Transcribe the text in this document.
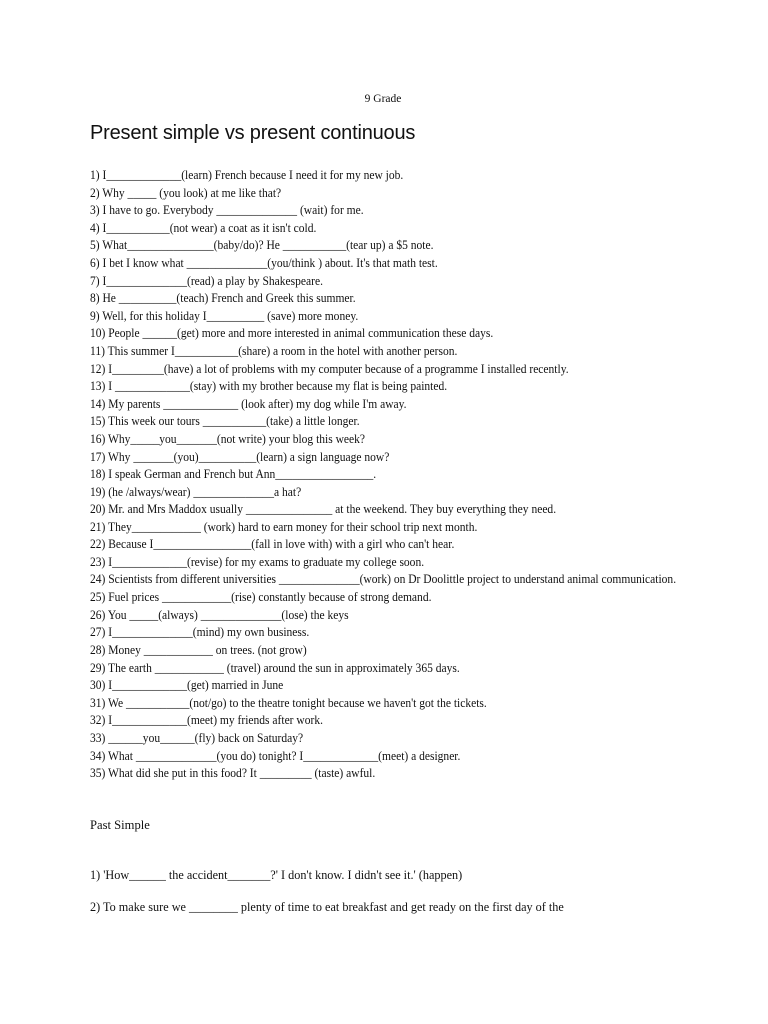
9 Grade
Present simple vs present continuous
1) I_____________(learn) French because I need it for my new job.
2) Why _____ (you look) at me like that?
3) I have to go. Everybody ______________ (wait) for me.
4) I___________(not wear) a coat as it isn't cold.
5) What_______________(baby/do)? He ___________(tear up) a $5 note.
6) I bet I know what ______________(you/think ) about. It's that math test.
7) I______________(read) a play by Shakespeare.
8) He __________(teach) French and Greek this summer.
9) Well, for this holiday I__________ (save) more money.
10) People ______(get) more and more interested in animal communication these days.
11) This summer I___________(share) a room in the hotel with another person.
12) I_________(have) a lot of problems with my computer because of a programme I installed recently.
13) I _____________(stay) with my brother because my flat is being painted.
14) My parents _____________ (look after) my dog while I'm away.
15) This week our tours ___________(take) a little longer.
16) Why_____you_______(not write) your blog this week?
17) Why _______(you)__________(learn) a sign language now?
18) I speak German and French but Ann_________________.
19) (he /always/wear) ______________a hat?
20) Mr. and Mrs Maddox usually _______________ at the weekend. They buy everything they need.
21) They____________ (work) hard to earn money for their school trip next month.
22) Because I_________________(fall in love with) with a girl who can't hear.
23) I_____________(revise) for my exams to graduate my college soon.
24) Scientists from different universities ______________(work) on Dr Doolittle project to understand animal communication.
25) Fuel prices ____________(rise) constantly because of strong demand.
26) You _____(always) ______________(lose) the keys
27) I______________(mind) my own business.
28) Money ____________ on trees. (not grow)
29) The earth ____________ (travel) around the sun in approximately 365 days.
30) I_____________(get) married in June
31) We ___________(not/go) to the theatre tonight because we haven't got the tickets.
32) I_____________(meet) my friends after work.
33) ______you______(fly) back on Saturday?
34) What ______________(you do) tonight? I_____________(meet) a designer.
35) What did she put in this food? It _________ (taste) awful.
Past Simple
1) 'How______ the accident_______?' I don't know. I didn't see it.' (happen)
2) To make sure we ________ plenty of time to eat breakfast and get ready on the first day of the
